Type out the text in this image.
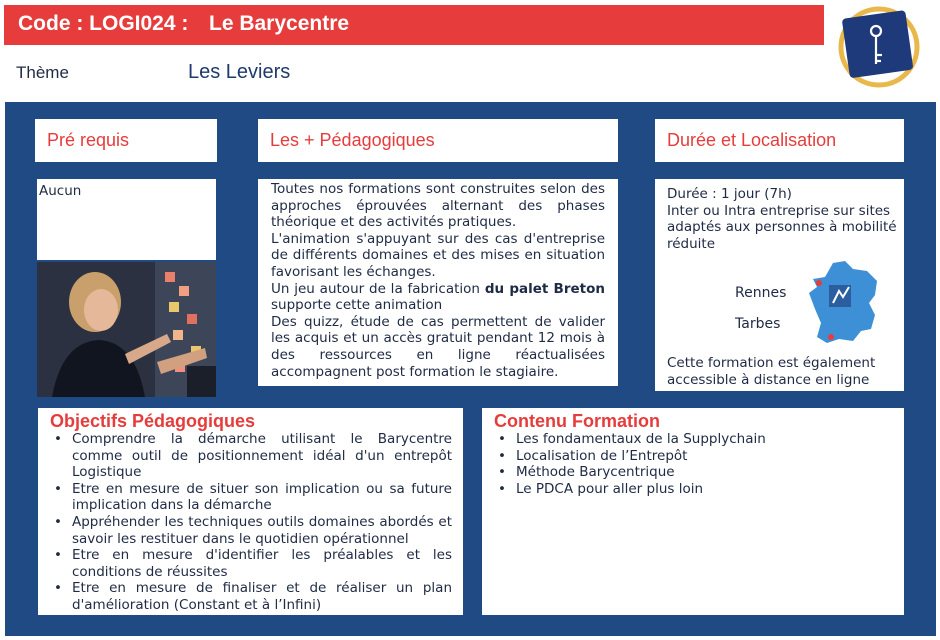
Code : LOGI024 : Le Barycentre
Thème	Les Leviers
Pré requis
Aucun
Les + Pédagogiques
Toutes nos formations sont construites selon des approches éprouvées alternant des phases théorique et des activités pratiques.
L'animation s'appuyant sur des cas d'entreprise de différents domaines et des mises en situation favorisant les échanges.
Un jeu autour de la fabrication du palet Breton supporte cette animation
Des quizz, étude de cas permettent de valider les acquis et un accès gratuit pendant 12 mois à des ressources en ligne réactualisées accompagnent post formation le stagiaire.
Durée et Localisation
Durée : 1 jour (7h)
Inter ou Intra entreprise sur sites adaptés aux personnes à mobilité réduite
Rennes
Tarbes
Cette formation est également accessible à distance en ligne
Objectifs Pédagogiques
• Comprendre la démarche utilisant le Barycentre comme outil de positionnement idéal d'un entrepôt Logistique
• Etre en mesure de situer son implication ou sa future implication dans la démarche
• Appréhender les techniques outils domaines abordés et savoir les restituer dans le quotidien opérationnel
• Etre en mesure d'identifier les préalables et les conditions de réussites
• Etre en mesure de finaliser et de réaliser un plan d'amélioration (Constant et à l’Infini)
Contenu Formation
• Les fondamentaux de la Supplychain
• Localisation de l’Entrepôt
• Méthode Barycentrique
• Le PDCA pour aller plus loin
